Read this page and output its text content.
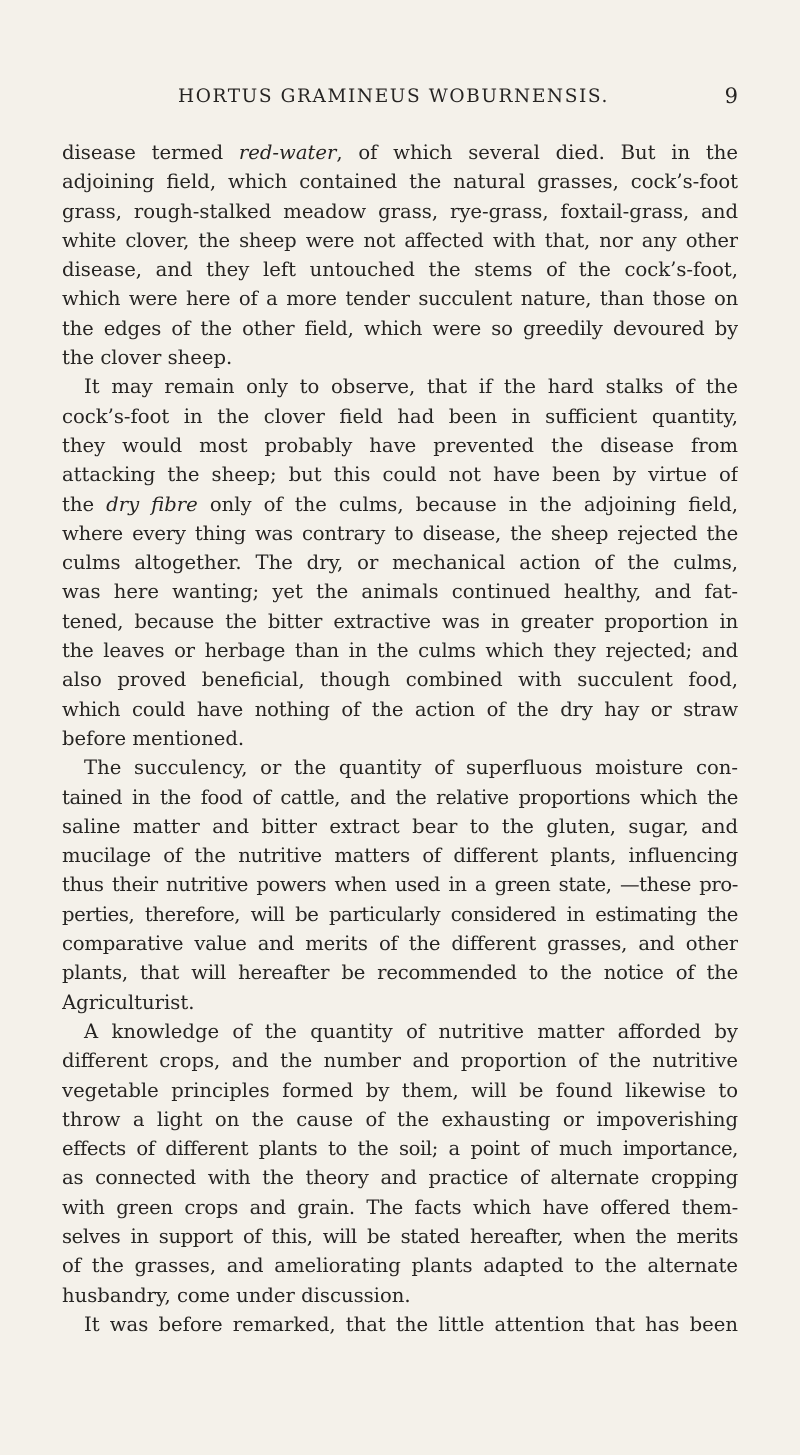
HORTUS GRAMINEUS WOBURNENSIS.	9
disease termed red-water, of which several died. But in the
adjoining field, which contained the natural grasses, cock’s-foot
grass, rough-stalked meadow grass, rye-grass, foxtail-grass, and
white clover, the sheep were not affected with that, nor any other
disease, and they left untouched the stems of the cock’s-foot,
which were here of a more tender succulent nature, than those on
the edges of the other field, which were so greedily devoured by
the clover sheep.
It may remain only to observe, that if the hard stalks of the
cock’s-foot in the clover field had been in sufficient quantity,
they would most probably have prevented the disease from
attacking the sheep; but this could not have been by virtue of
the dry fibre only of the culms, because in the adjoining field,
where every thing was contrary to disease, the sheep rejected the
culms altogether. The dry, or mechanical action of the culms,
was here wanting; yet the animals continued healthy, and fat-
tened, because the bitter extractive was in greater proportion in
the leaves or herbage than in the culms which they rejected; and
also proved beneficial, though combined with succulent food,
which could have nothing of the action of the dry hay or straw
before mentioned.
The succulency, or the quantity of superfluous moisture con-
tained in the food of cattle, and the relative proportions which the
saline matter and bitter extract bear to the gluten, sugar, and
mucilage of the nutritive matters of different plants, influencing
thus their nutritive powers when used in a green state, —these pro-
perties, therefore, will be particularly considered in estimating the
comparative value and merits of the different grasses, and other
plants, that will hereafter be recommended to the notice of the
Agriculturist.
A knowledge of the quantity of nutritive matter afforded by
different crops, and the number and proportion of the nutritive
vegetable principles formed by them, will be found likewise to
throw a light on the cause of the exhausting or impoverishing
effects of different plants to the soil; a point of much importance,
as connected with the theory and practice of alternate cropping
with green crops and grain. The facts which have offered them-
selves in support of this, will be stated hereafter, when the merits
of the grasses, and ameliorating plants adapted to the alternate
husbandry, come under discussion.
It was before remarked, that the little attention that has been
